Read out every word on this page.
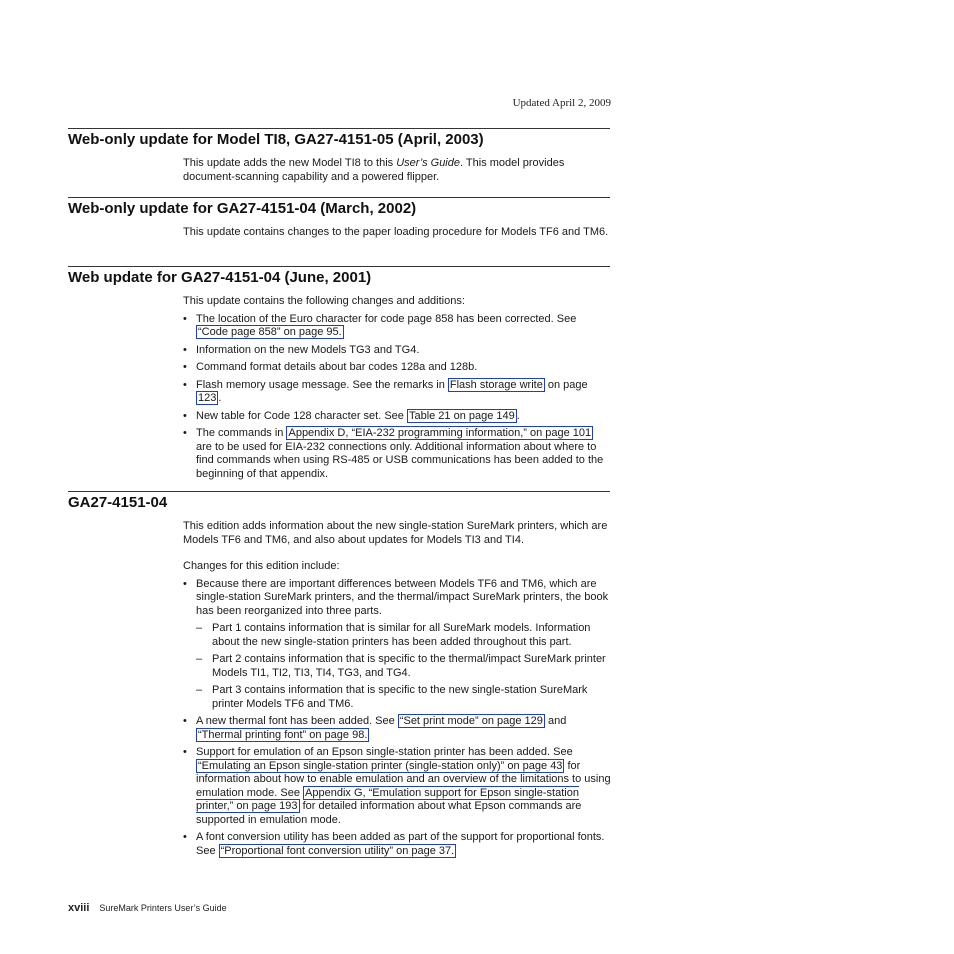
Updated April 2, 2009
Web-only update for Model TI8, GA27-4151-05 (April, 2003)

This update adds the new Model TI8 to this User’s Guide. This model provides document-scanning capability and a powered flipper.

Web-only update for GA27-4151-04 (March, 2002)

This update contains changes to the paper loading procedure for Models TF6 and TM6.

Web update for GA27-4151-04 (June, 2001)

This update contains the following changes and additions:

• The location of the Euro character for code page 858 has been corrected. See “Code page 858” on page 95.
• Information on the new Models TG3 and TG4.
• Command format details about bar codes 128a and 128b.
• Flash memory usage message. See the remarks in Flash storage write on page 123 .
• New table for Code 128 character set. See Table 21 on page 149 .
• The commands in Appendix D, “EIA-232 programming information,” on page 101 are to be used for EIA-232 connections only. Additional information about where to find commands when using RS-485 or USB communications has been added to the beginning of that appendix.
GA27-4151-04

This edition adds information about the new single-station SureMark printers, which are Models TF6 and TM6, and also about updates for Models TI3 and TI4.

Changes for this edition include:

• Because there are important differences between Models TF6 and TM6, which are single-station SureMark printers, and the thermal/impact SureMark printers, the book has been reorganized into three parts.
– Part 1 contains information that is similar for all SureMark models. Information about the new single-station printers has been added throughout this part.
– Part 2 contains information that is specific to the thermal/impact SureMark printer Models TI1, TI2, TI3, TI4, TG3, and TG4.
– Part 3 contains information that is specific to the new single-station SureMark printer Models TF6 and TM6.
• A new thermal font has been added. See “Set print mode” on page 129 and “Thermal printing font” on page 98.
• Support for emulation of an Epson single-station printer has been added. See “Emulating an Epson single-station printer (single-station only)” on page 43 for information about how to enable emulation and an overview of the limitations to using emulation mode. See Appendix G, “Emulation support for Epson single-station printer,” on page 193 for detailed information about what Epson commands are supported in emulation mode.
• A font conversion utility has been added as part of the support for proportional fonts. See “Proportional font conversion utility” on page 37.
xviii SureMark Printers User’s Guide
